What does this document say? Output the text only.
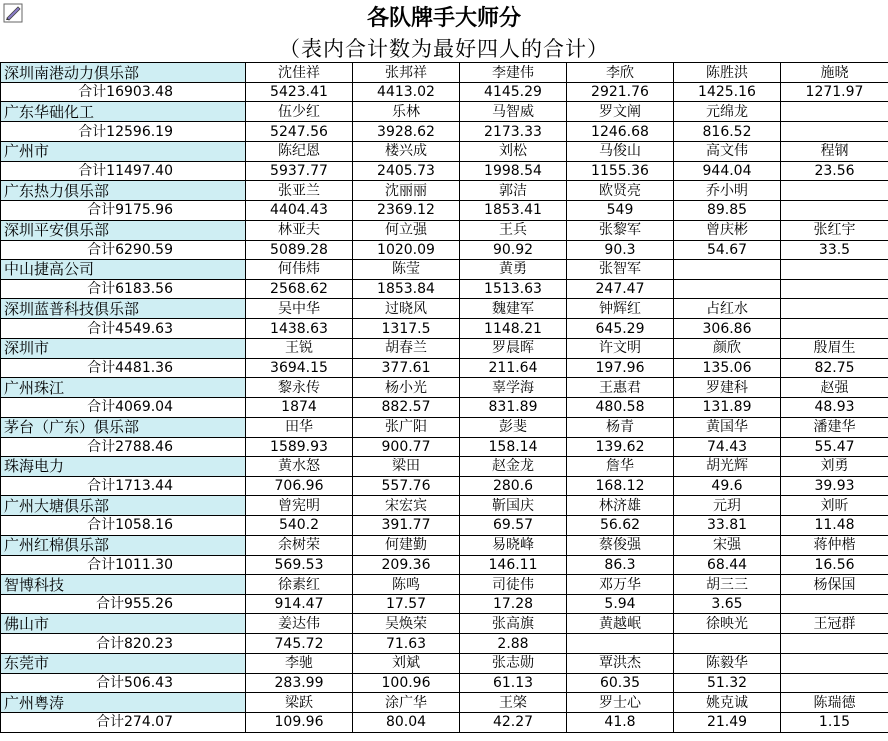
各队牌手大师分
（表内合计数为最好四人的合计）
深圳南港动力俱乐部	沈佳祥	张邦祥	李建伟	李欣	陈胜洪	施晓
合计16903.48	5423.41	4413.02	4145.29	2921.76	1425.16	1271.97
广东华础化工	伍少红	乐林	马智威	罗文阐	元绵龙	
合计12596.19	5247.56	3928.62	2173.33	1246.68	816.52	
广州市	陈纪恩	楼兴成	刘松	马俊山	高文伟	程钢
合计11497.40	5937.77	2405.73	1998.54	1155.36	944.04	23.56
广东热力俱乐部	张亚兰	沈丽丽	郭洁	欧贤亮	乔小明	
合计9175.96	4404.43	2369.12	1853.41	549	89.85	
深圳平安俱乐部	林亚夫	何立强	王兵	张黎军	曾庆彬	张红宇
合计6290.59	5089.28	1020.09	90.92	90.3	54.67	33.5
中山捷高公司	何伟炜	陈莹	黄勇	张智军		
合计6183.56	2568.62	1853.84	1513.63	247.47		
深圳蓝普科技俱乐部	吴中华	过晓风	魏建军	钟辉红	占红水	
合计4549.63	1438.63	1317.5	1148.21	645.29	306.86	
深圳市	王锐	胡春兰	罗晨晖	许文明	颜欣	殷眉生
合计4481.36	3694.15	377.61	211.64	197.96	135.06	82.75
广州珠江	黎永传	杨小光	辜学海	王惠君	罗建科	赵强
合计4069.04	1874	882.57	831.89	480.58	131.89	48.93
茅台（广东）俱乐部	田华	张广阳	彭斐	杨青	黄国华	潘建华
合计2788.46	1589.93	900.77	158.14	139.62	74.43	55.47
珠海电力	黄水怒	梁田	赵金龙	詹华	胡光辉	刘勇
合计1713.44	706.96	557.76	280.6	168.12	49.6	39.93
广州大塘俱乐部	曾宪明	宋宏宾	靳国庆	林济雄	元玥	刘昕
合计1058.16	540.2	391.77	69.57	56.62	33.81	11.48
广州红棉俱乐部	余树荣	何建勤	易晓峰	蔡俊强	宋强	蒋仲楷
合计1011.30	569.53	209.36	146.11	86.3	68.44	16.56
智博科技	徐素红	陈鸣	司徒伟	邓万华	胡三三	杨保国
合计955.26	914.47	17.57	17.28	5.94	3.65	
佛山市	姜达伟	吴焕荣	张高旗	黄越岷	徐映光	王冠群
合计820.23	745.72	71.63	2.88			
东莞市	李驰	刘斌	张志勋	覃洪杰	陈毅华	
合计506.43	283.99	100.96	61.13	60.35	51.32	
广州粤涛	梁跃	涂广华	王棨	罗士心	姚克诚	陈瑞德
合计274.07	109.96	80.04	42.27	41.8	21.49	1.15
